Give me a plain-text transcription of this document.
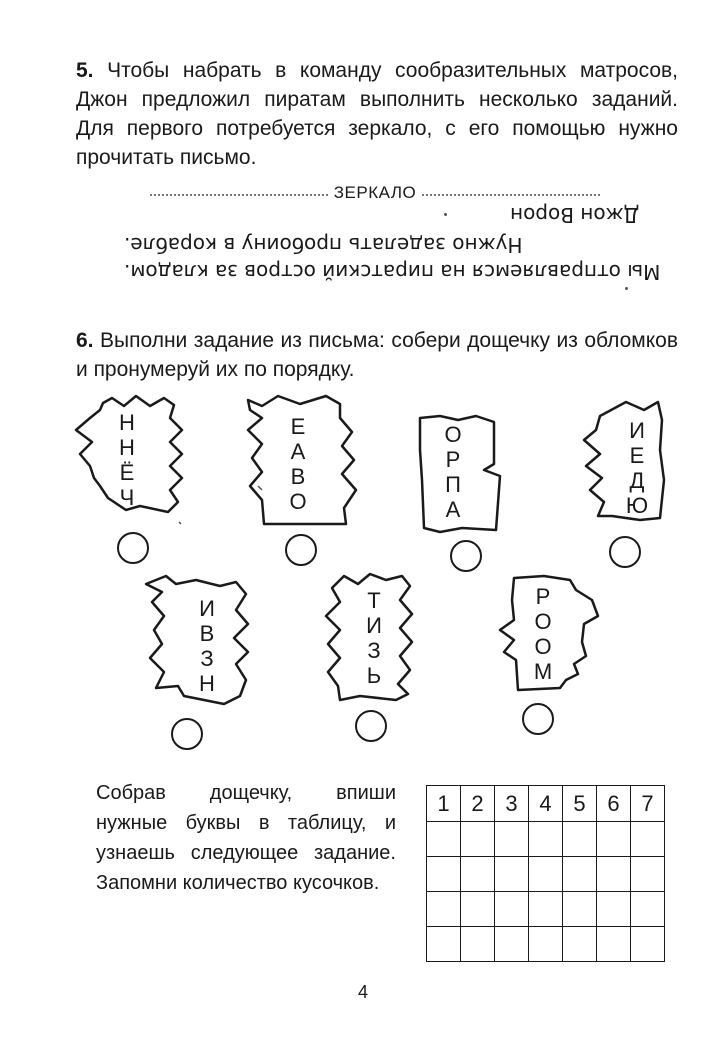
5. Чтобы набрать в команду сообразительных матросов, Джон предложил пиратам выполнить несколько заданий. Для первого потребуется зеркало, с его помощью нужно прочитать письмо.

ЗЕРКАЛО
Джон Ворон
Нужно заделать пробоину в корабле.
Мы отправляемся на пиратский остров за кладом.

6. Выполни задание из письма: собери дощечку из обломков и пронумеруй их по порядку.

Н
Н
Ё
Ч
Е
А
В
О
О
Р
П
А
И
Е
Д
Ю
И
В
З
Н
Т
И
З
Ь
Р
О
О
М

Собрав дощечку, впиши нужные буквы в таблицу, и узнаешь следующее задание. Запомни количество кусочков.

1	2	3	4	5	6	7

4
